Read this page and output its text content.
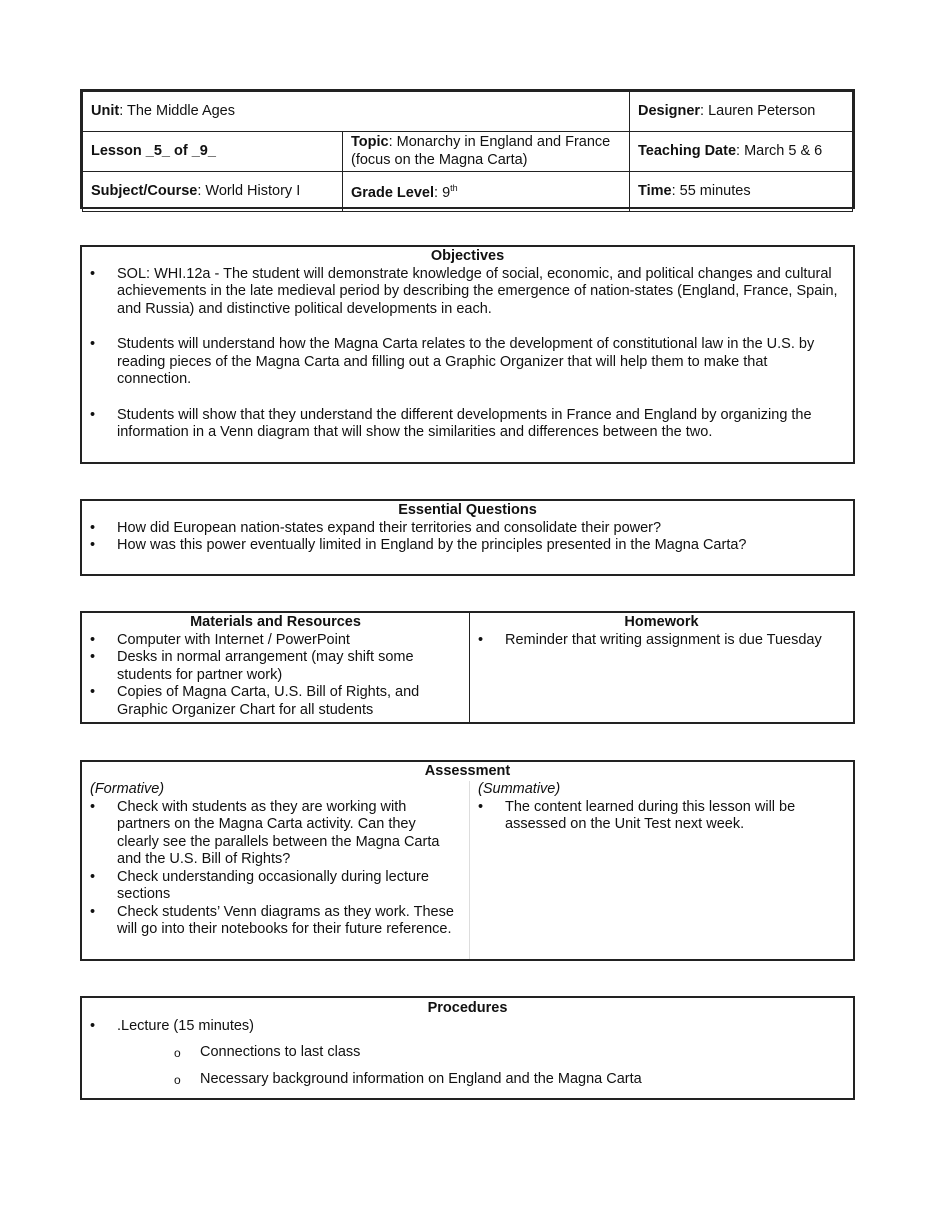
Unit: The Middle Ages		Designer: Lauren Peterson
Lesson _5_ of _9_	Topic: Monarchy in England and France (focus on the Magna Carta)	Teaching Date: March 5 & 6
Subject/Course: World History I	Grade Level: 9th	Time: 55 minutes
Objectives
• SOL: WHI.12a - The student will demonstrate knowledge of social, economic, and political changes and cultural achievements in the late medieval period by describing the emergence of nation-states (England, France, Spain, and Russia) and distinctive political developments in each.
• Students will understand how the Magna Carta relates to the development of constitutional law in the U.S. by reading pieces of the Magna Carta and filling out a Graphic Organizer that will help them to make that connection.
• Students will show that they understand the different developments in France and England by organizing the information in a Venn diagram that will show the similarities and differences between the two.
Essential Questions
• How did European nation-states expand their territories and consolidate their power?
• How was this power eventually limited in England by the principles presented in the Magna Carta?
Materials and Resources
• Computer with Internet / PowerPoint
• Desks in normal arrangement (may shift some students for partner work)
• Copies of Magna Carta, U.S. Bill of Rights, and Graphic Organizer Chart for all students
Homework
• Reminder that writing assignment is due Tuesday
Assessment
(Formative)
• Check with students as they are working with partners on the Magna Carta activity. Can they clearly see the parallels between the Magna Carta and the U.S. Bill of Rights?
• Check understanding occasionally during lecture sections
• Check students’ Venn diagrams as they work. These will go into their notebooks for their future reference.
(Summative)
• The content learned during this lesson will be assessed on the Unit Test next week.
Procedures
• .Lecture (15 minutes)
o Connections to last class
o Necessary background information on England and the Magna Carta
